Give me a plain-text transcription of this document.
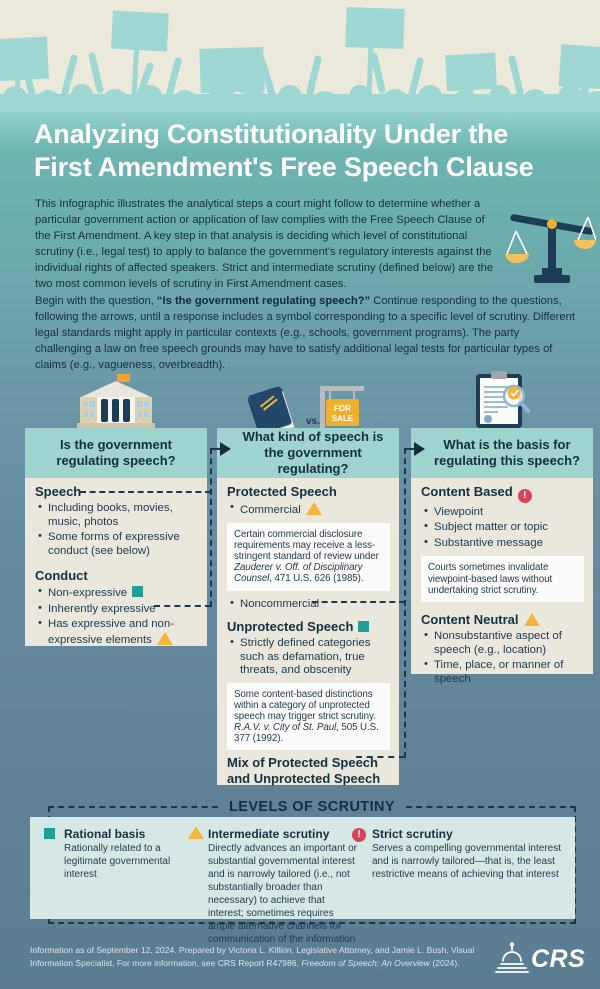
Analyzing Constitutionality Under the
First Amendment's Free Speech Clause

This Infographic illustrates the analytical steps a court might follow to determine whether a particular government action or application of law complies with the Free Speech Clause of the First Amendment. A key step in that analysis is deciding which level of constitutional scrutiny (i.e., legal test) to apply to balance the government's regulatory interests against the individual rights of affected speakers. Strict and intermediate scrutiny (defined below) are the two most common levels of scrutiny in First Amendment cases.

Begin with the question, “Is the government regulating speech?” Continue responding to the questions, following the arrows, until a response includes a symbol corresponding to a specific level of scrutiny. Different legal standards might apply in particular contexts (e.g., schools, government programs). The party challenging a law on free speech grounds may have to satisfy additional legal tests for particular types of claims (e.g., vagueness, overbreadth).

vs.
FOR
SALE
Is the government regulating speech?
What kind of speech is the government regulating?
What is the basis for regulating this speech?
Speech
• Including books, movies, music, photos
• Some forms of expressive conduct (see below)
Conduct
• Non-expressive
• Inherently expressive
• Has expressive and non-expressive elements
Protected Speech
• Commercial
Certain commercial disclosure requirements may receive a less-stringent standard of review under Zauderer v. Off. of Disciplinary Counsel, 471 U.S. 626 (1985).
• Noncommercial
Unprotected Speech
• Strictly defined categories such as defamation, true threats, and obscenity
Some content-based distinctions within a category of unprotected speech may trigger strict scrutiny. R.A.V. v. City of St. Paul, 505 U.S. 377 (1992).
Mix of Protected Speech and Unprotected Speech
Content Based !
• Viewpoint
• Subject matter or topic
• Substantive message
Courts sometimes invalidate viewpoint-based laws without undertaking strict scrutiny.
Content Neutral
• Nonsubstantive aspect of speech (e.g., location)
• Time, place, or manner of speech
LEVELS OF SCRUTINY
Rational basis
Rationally related to a legitimate governmental interest
Intermediate scrutiny
Directly advances an important or substantial governmental interest and is narrowly tailored (i.e., not substantially broader than necessary) to achieve that interest; sometimes requires ample alternative channels for communication of the information
! Strict scrutiny
Serves a compelling governmental interest and is narrowly tailored—that is, the least restrictive means of achieving that interest

Information as of September 12, 2024. Prepared by Victoria L. Killion, Legislative Attorney, and Jamie L. Bush, Visual Information Specialist. For more information, see CRS Report R47986, Freedom of Speech: An Overview (2024).	CRS
